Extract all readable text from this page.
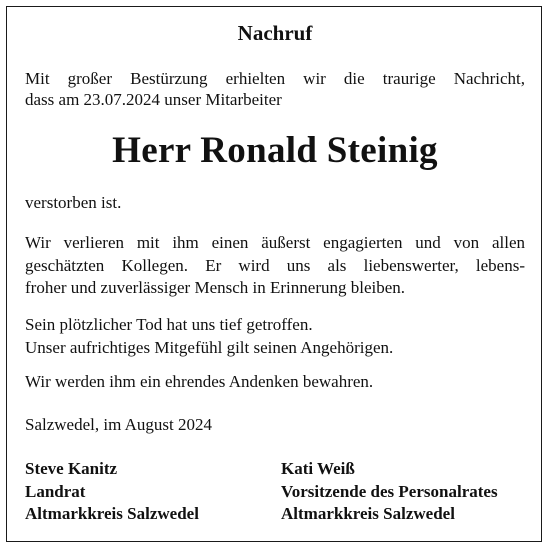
Nachruf
Mit großer Bestürzung erhielten wir die traurige Nachricht,
dass am 23.07.2024 unser Mitarbeiter
Herr Ronald Steinig
verstorben ist.
Wir verlieren mit ihm einen äußerst engagierten und von allen
geschätzten Kollegen. Er wird uns als liebenswerter, lebens-
froher und zuverlässiger Mensch in Erinnerung bleiben.
Sein plötzlicher Tod hat uns tief getroffen.
Unser aufrichtiges Mitgefühl gilt seinen Angehörigen.
Wir werden ihm ein ehrendes Andenken bewahren.
Salzwedel, im August 2024
Steve Kanitz
Landrat
Altmarkkreis Salzwedel
Kati Weiß
Vorsitzende des Personalrates
Altmarkkreis Salzwedel
